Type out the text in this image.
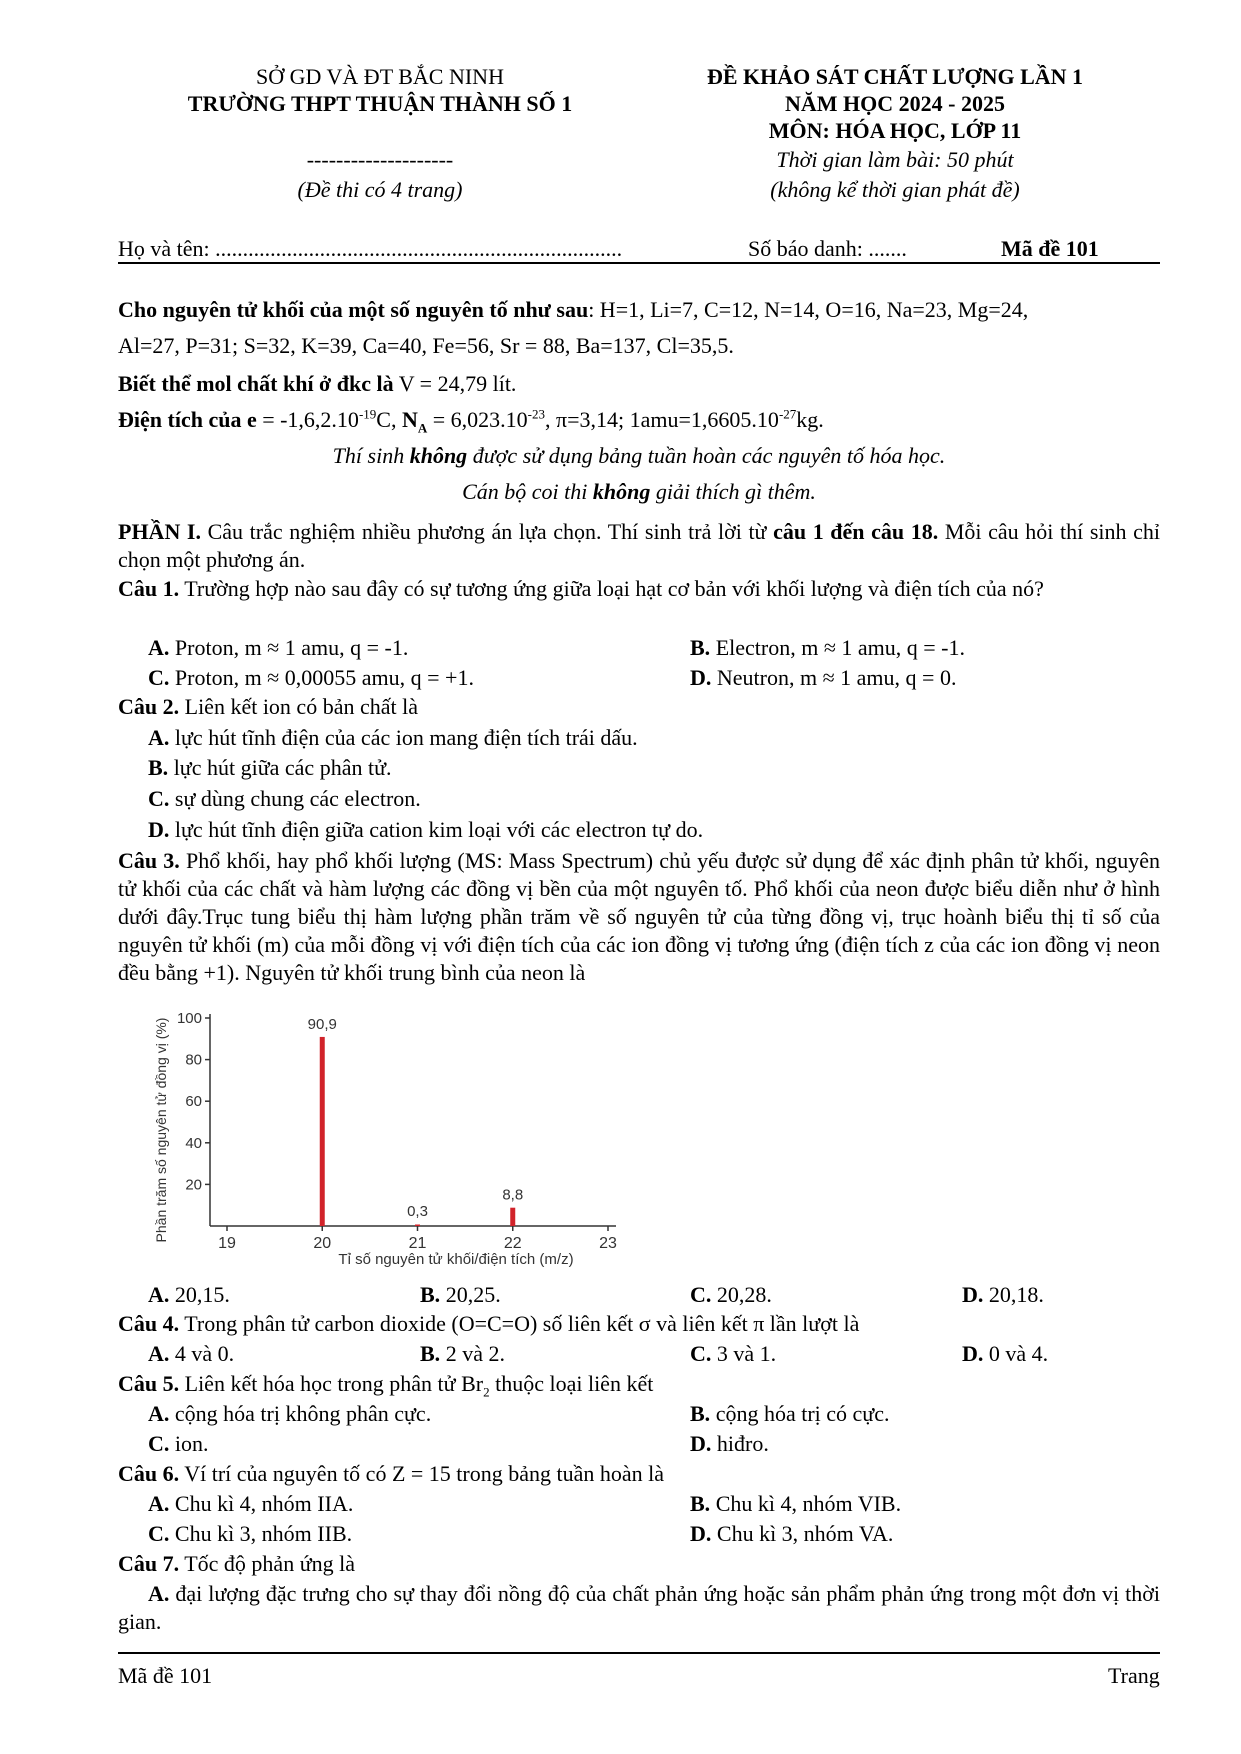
SỞ GD VÀ ĐT BẮC NINH
TRƯỜNG THPT THUẬN THÀNH SỐ 1
--------------------
(Đề thi có 4 trang)
ĐỀ KHẢO SÁT CHẤT LƯỢNG LẦN 1
NĂM HỌC 2024 - 2025
MÔN: HÓA HỌC, LỚP 11
Thời gian làm bài: 50 phút
(không kể thời gian phát đề)
Họ và tên: ..........................................................................	Số báo danh: .......	Mã đề 101
Cho nguyên tử khối của một số nguyên tố như sau: H=1, Li=7, C=12, N=14, O=16, Na=23, Mg=24,
Al=27, P=31; S=32, K=39, Ca=40, Fe=56, Sr = 88, Ba=137, Cl=35,5.
Biết thể mol chất khí ở đkc là V = 24,79 lít.
Điện tích của $e = -1,6,2.10^{-19}C$, $N_A = 6,023.10^{-23}$, π=3,14; $1amu=1,6605.10^{-27}kg$.
Thí sinh không được sử dụng bảng tuần hoàn các nguyên tố hóa học.
Cán bộ coi thi không giải thích gì thêm.
PHẦN I. Câu trắc nghiệm nhiều phương án lựa chọn. Thí sinh trả lời từ câu 1 đến câu 18. Mỗi câu hỏi thí sinh chỉ chọn một phương án.
Câu 1. Trường hợp nào sau đây có sự tương ứng giữa loại hạt cơ bản với khối lượng và điện tích của nó?
A. Proton, m ≈ 1 amu, q = -1.	B. Electron, m ≈ 1 amu, q = -1.
C. Proton, m ≈ 0,00055 amu, q = +1.	D. Neutron, m ≈ 1 amu, q = 0.
Câu 2. Liên kết ion có bản chất là
A. lực hút tĩnh điện của các ion mang điện tích trái dấu.
B. lực hút giữa các phân tử.
C. sự dùng chung các electron.
D. lực hút tĩnh điện giữa cation kim loại với các electron tự do.
Câu 3. Phổ khối, hay phổ khối lượng (MS: Mass Spectrum) chủ yếu được sử dụng để xác định phân tử khối, nguyên tử khối của các chất và hàm lượng các đồng vị bền của một nguyên tố. Phổ khối của neon được biểu diễn như ở hình dưới đây.Trục tung biểu thị hàm lượng phần trăm về số nguyên tử của từng đồng vị, trục hoành biểu thị tỉ số của nguyên tử khối (m) của mỗi đồng vị với điện tích của các ion đồng vị tương ứng (điện tích z của các ion đồng vị neon đều bằng +1). Nguyên tử khối trung bình của neon là
Phần trăm số nguyên tử đồng vị (%) 20
40
60
80
100
19	20	21	22	23
90,9
0,3
8,8
Tỉ số nguyên tử khối/điện tích (m/z)
A. 20,15.	B. 20,25.	C. 20,28.	D. 20,18.
Câu 4. Trong phân tử carbon dioxide (O=C=O) số liên kết σ và liên kết π lần lượt là
A. 4 và 0.	B. 2 và 2.	C. 3 và 1.	D. 0 và 4.
Câu 5. Liên kết hóa học trong phân tử $Br_2$ thuộc loại liên kết
A. cộng hóa trị không phân cực.	B. cộng hóa trị có cực.
C. ion.	D. hiđro.
Câu 6. Ví trí của nguyên tố có Z = 15 trong bảng tuần hoàn là
A. Chu kì 4, nhóm IIA.	B. Chu kì 4, nhóm VIB.
C. Chu kì 3, nhóm IIB.	D. Chu kì 3, nhóm VA.
Câu 7. Tốc độ phản ứng là
A. đại lượng đặc trưng cho sự thay đổi nồng độ của chất phản ứng hoặc sản phẩm phản ứng trong một đơn vị thời gian.
Mã đề 101	Trang
